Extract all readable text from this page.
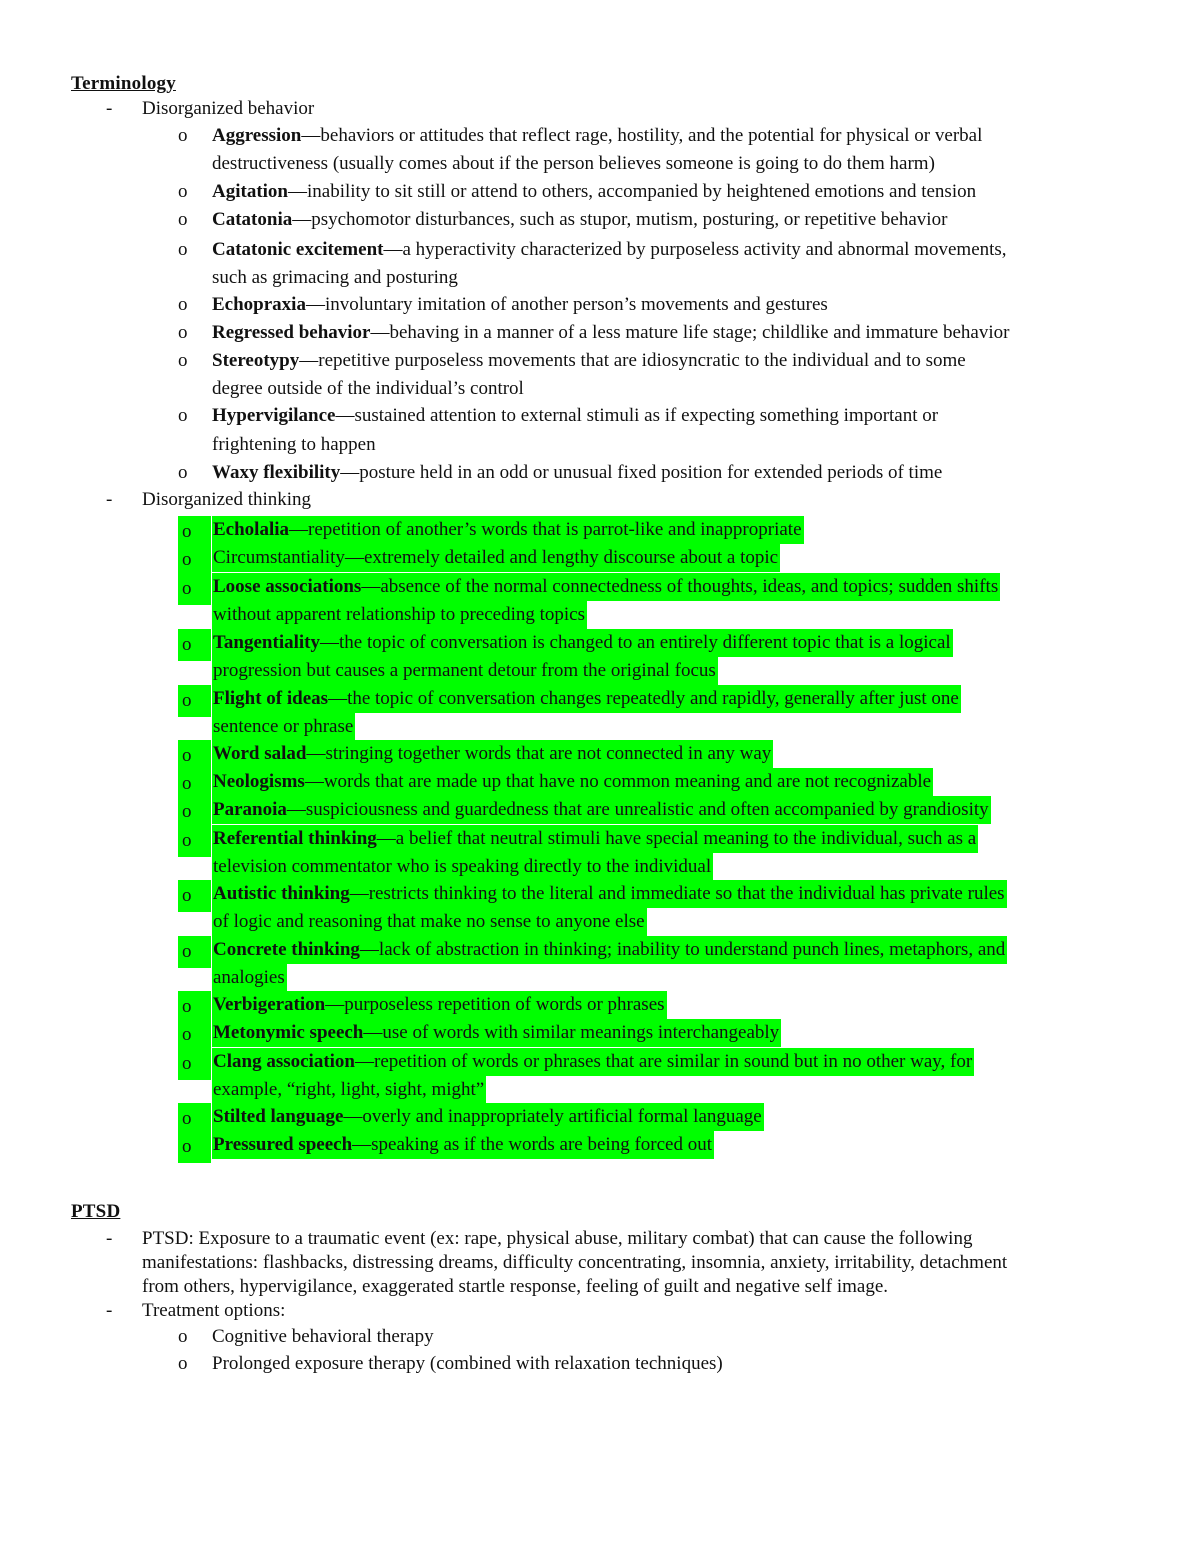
Terminology
- Disorganized behavior
o	Aggression—behaviors or attitudes that reflect rage, hostility, and the potential for physical or verbal
destructiveness (usually comes about if the person believes someone is going to do them harm)
o	Agitation—inability to sit still or attend to others, accompanied by heightened emotions and tension
o	Catatonia—psychomotor disturbances, such as stupor, mutism, posturing, or repetitive behavior
o	Catatonic excitement—a hyperactivity characterized by purposeless activity and abnormal movements,
such as grimacing and posturing
o	Echopraxia—involuntary imitation of another person’s movements and gestures
o	Regressed behavior—behaving in a manner of a less mature life stage; childlike and immature behavior
o	Stereotypy—repetitive purposeless movements that are idiosyncratic to the individual and to some
degree outside of the individual’s control
o	Hypervigilance—sustained attention to external stimuli as if expecting something important or
frightening to happen
o	Waxy flexibility—posture held in an odd or unusual fixed position for extended periods of time
- Disorganized thinking
o	Echolalia—repetition of another’s words that is parrot-like and inappropriate
o	Circumstantiality—extremely detailed and lengthy discourse about a topic
o	Loose associations—absence of the normal connectedness of thoughts, ideas, and topics; sudden shifts
without apparent relationship to preceding topics
o	Tangentiality—the topic of conversation is changed to an entirely different topic that is a logical
progression but causes a permanent detour from the original focus
o	Flight of ideas—the topic of conversation changes repeatedly and rapidly, generally after just one
sentence or phrase
o	Word salad—stringing together words that are not connected in any way
o	Neologisms—words that are made up that have no common meaning and are not recognizable
o	Paranoia—suspiciousness and guardedness that are unrealistic and often accompanied by grandiosity
o	Referential thinking—a belief that neutral stimuli have special meaning to the individual, such as a
television commentator who is speaking directly to the individual
o	Autistic thinking—restricts thinking to the literal and immediate so that the individual has private rules
of logic and reasoning that make no sense to anyone else
o	Concrete thinking—lack of abstraction in thinking; inability to understand punch lines, metaphors, and
analogies
o	Verbigeration—purposeless repetition of words or phrases
o	Metonymic speech—use of words with similar meanings interchangeably
o	Clang association—repetition of words or phrases that are similar in sound but in no other way, for
example, “right, light, sight, might”
o	Stilted language—overly and inappropriately artificial formal language
o	Pressured speech—speaking as if the words are being forced out
PTSD
- PTSD: Exposure to a traumatic event (ex: rape, physical abuse, military combat) that can cause the following
manifestations: flashbacks, distressing dreams, difficulty concentrating, insomnia, anxiety, irritability, detachment
from others, hypervigilance, exaggerated startle response, feeling of guilt and negative self image.
- Treatment options:
o	Cognitive behavioral therapy
o	Prolonged exposure therapy (combined with relaxation techniques)
